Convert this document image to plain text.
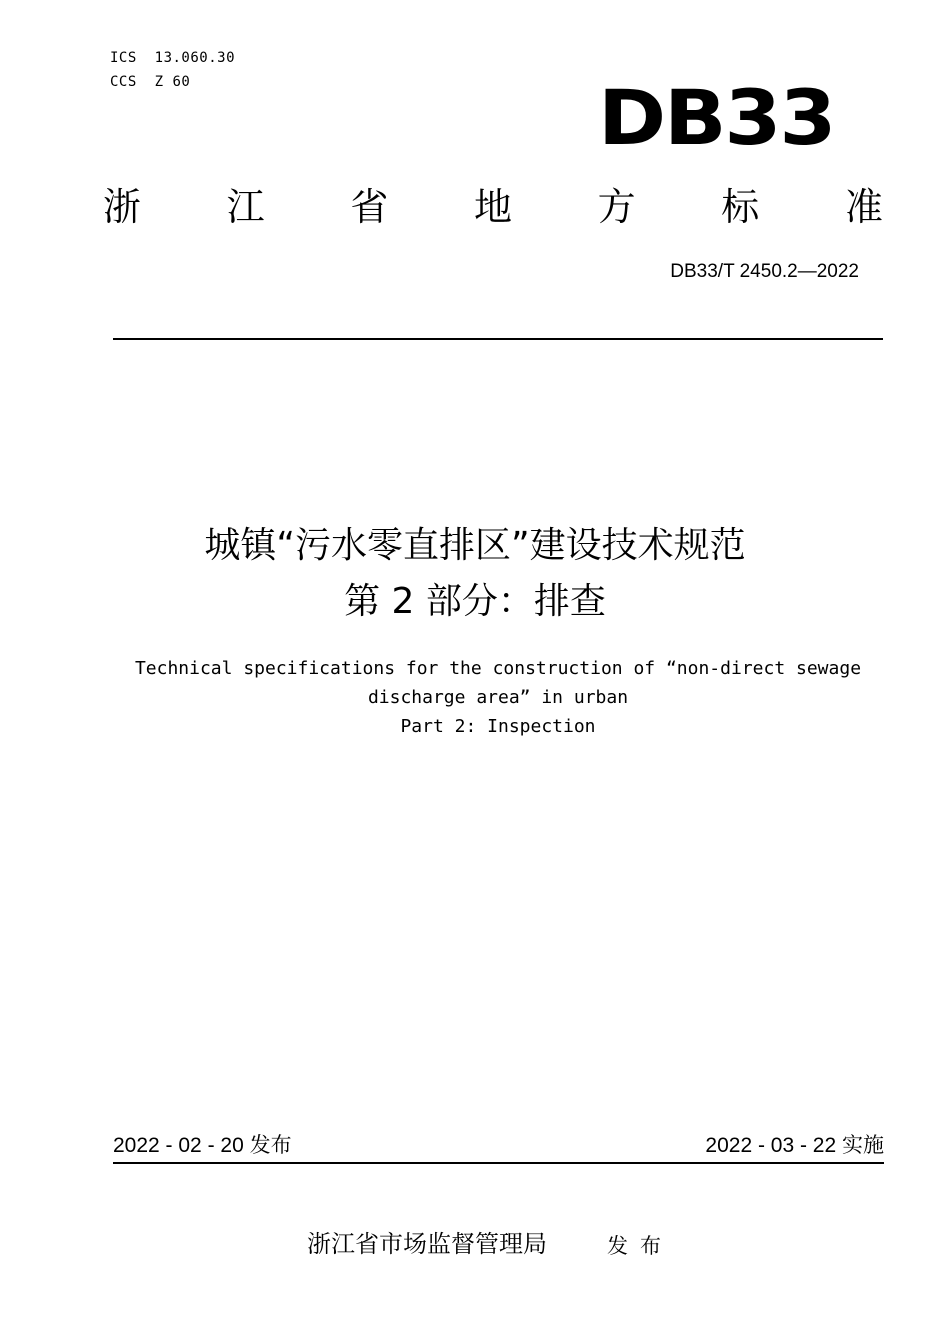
ICS  13.060.30
CCS  Z 60	DB33
浙 江 省 地 方 标 准
DB33/T 2450.2—2022
城镇“污水零直排区”建设技术规范
第 2 部分：排查
Technical specifications for the construction of “non-direct sewage
discharge area” in urban
Part 2: Inspection
2022 - 02 - 20 发布	2022 - 03 - 22 实施
浙江省市场监督管理局	发布
